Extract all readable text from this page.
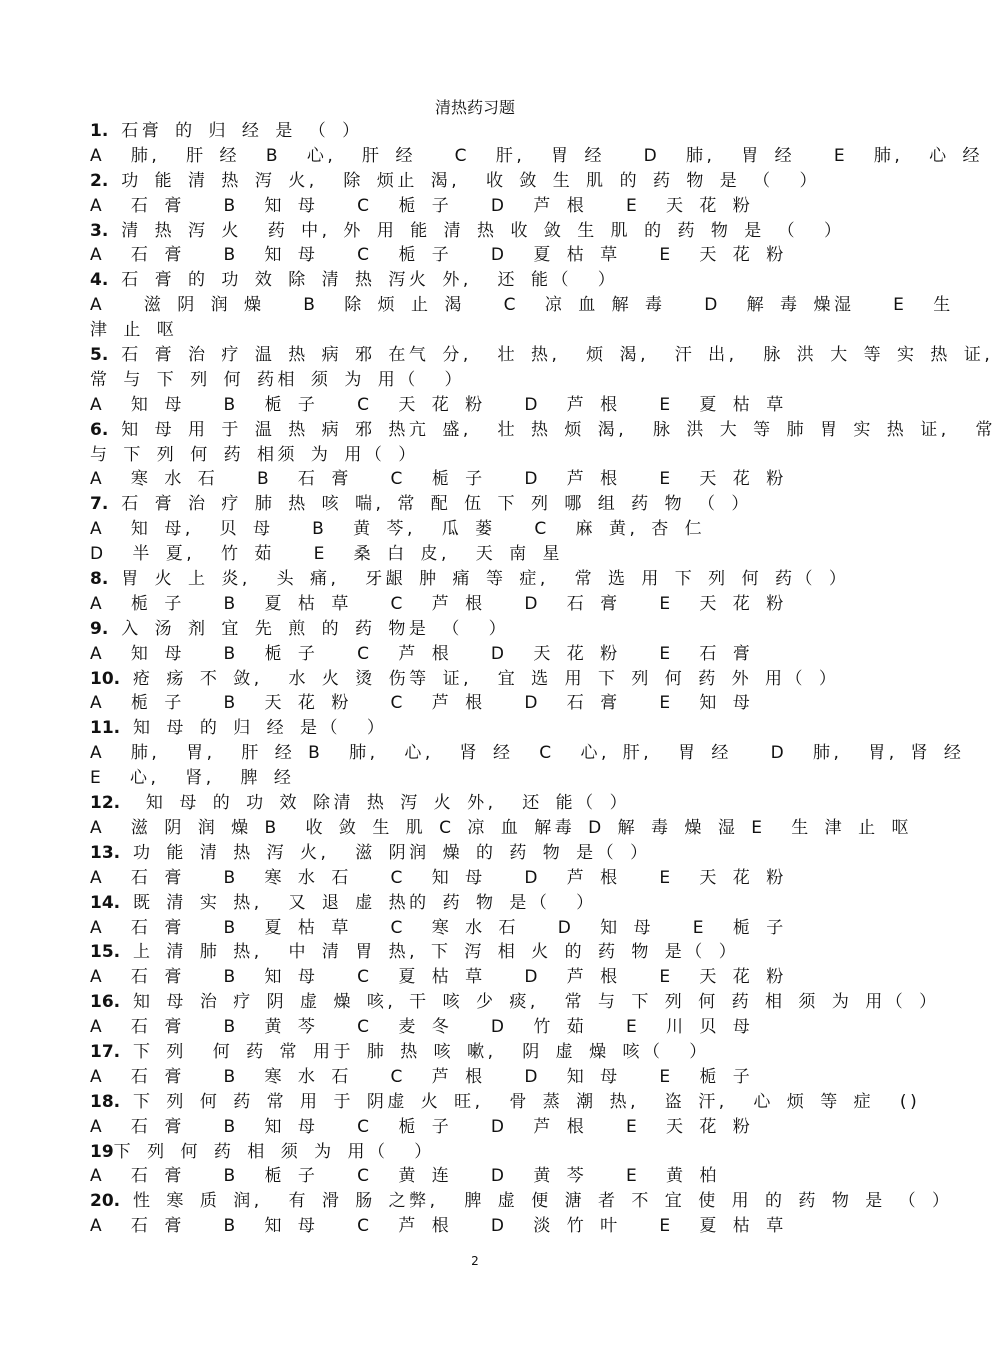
清热药习题
1. 石膏 的 归 经 是 （ ）
A  肺,  肝 经  B  心,  肝 经   C  肝,  胃 经   D  肺,  胃 经   E  肺,  心 经
2. 功 能 清 热 泻 火,  除 烦止 渴,  收 敛 生 肌 的 药 物 是 （  ）
A  石 膏   B  知 母   C  栀 子   D  芦 根   E  天 花 粉
3. 清 热 泻 火  药 中, 外 用 能 清 热 收 敛 生 肌 的 药 物 是 （  ）
A  石 膏   B  知 母   C  栀 子   D  夏 枯 草   E  天 花 粉
4. 石 膏 的 功 效 除 清 热 泻火 外,  还 能（  ）
A   滋 阴 润 燥   B  除 烦 止 渴   C  凉 血 解 毒   D  解 毒 燥湿   E  生
津 止 呕
5. 石 膏 治 疗 温 热 病 邪 在气 分,  壮 热,  烦 渴,  汗 出,  脉 洪 大 等 实 热 证,
常 与 下 列 何 药相 须 为 用（  ）
A  知 母   B  栀 子   C  天 花 粉   D  芦 根   E  夏 枯 草
6. 知 母 用 于 温 热 病 邪 热亢 盛,  壮 热 烦 渴,  脉 洪 大 等 肺 胃 实 热 证,  常
与 下 列 何 药 相须 为 用（ ）
A  寒 水 石   B  石 膏   C  栀 子   D  芦 根   E  天 花 粉
7. 石 膏 治 疗 肺 热 咳 喘, 常 配 伍 下 列 哪 组 药 物 （ ）
A  知 母,  贝 母   B  黄 芩,  瓜 蒌   C  麻 黄, 杏 仁
D  半 夏,  竹 茹   E  桑 白 皮,  天 南 星
8. 胃 火 上 炎,  头 痛,  牙龈 肿 痛 等 症,  常 选 用 下 列 何 药（ ）
A  栀 子   B  夏 枯 草   C  芦 根   D  石 膏   E  天 花 粉
9. 入 汤 剂 宜 先 煎 的 药 物是 （  ）
A  知 母   B  栀 子   C  芦 根   D  天 花 粉   E  石 膏
10. 疮 疡 不 敛,  水 火 烫 伤等 证,  宜 选 用 下 列 何 药 外 用（ ）
A  栀 子   B  天 花 粉   C  芦 根   D  石 膏   E  知 母
11. 知 母 的 归 经 是（  ）
A  肺,  胃,  肝 经 B  肺,  心,  肾 经  C  心, 肝,  胃 经   D  肺,  胃, 肾 经
E  心,  肾,  脾 经
12.  知 母 的 功 效 除清 热 泻 火 外,  还 能（ ）
A  滋 阴 润 燥 B  收 敛 生 肌 C 凉 血 解毒 D 解 毒 燥 湿 E  生 津 止 呕
13. 功 能 清 热 泻 火,  滋 阴润 燥 的 药 物 是（ ）
A  石 膏   B  寒 水 石   C  知 母   D  芦 根   E  天 花 粉
14. 既 清 实 热,  又 退 虚 热的 药 物 是（  ）
A  石 膏   B  夏 枯 草   C  寒 水 石   D  知 母   E  栀 子
15. 上 清 肺 热,  中 清 胃 热, 下 泻 相 火 的 药 物 是（ ）
A  石 膏   B  知 母   C  夏 枯 草   D  芦 根   E  天 花 粉
16. 知 母 治 疗 阴 虚 燥 咳, 干 咳 少 痰,  常 与 下 列 何 药 相 须 为 用（ ）
A  石 膏   B  黄 芩   C  麦 冬   D  竹 茹   E  川 贝 母
17. 下 列  何 药 常 用于 肺 热 咳 嗽,  阴 虚 燥 咳（  ）
A  石 膏   B  寒 水 石   C  芦 根   D  知 母   E  栀 子
18. 下 列 何 药 常 用 于 阴虚 火 旺,  骨 蒸 潮 热,  盗 汗,  心 烦 等 症  ()
A  石 膏   B  知 母   C  栀 子   D  芦 根   E  天 花 粉
19下 列 何 药 相 须 为 用（  ）
A  石 膏   B  栀 子   C  黄 连   D  黄 芩   E  黄 柏
20. 性 寒 质 润,  有 滑 肠 之弊,  脾 虚 便 溏 者 不 宜 使 用 的 药 物 是 （ ）
A  石 膏   B  知 母   C  芦 根   D  淡 竹 叶   E  夏 枯 草
2
